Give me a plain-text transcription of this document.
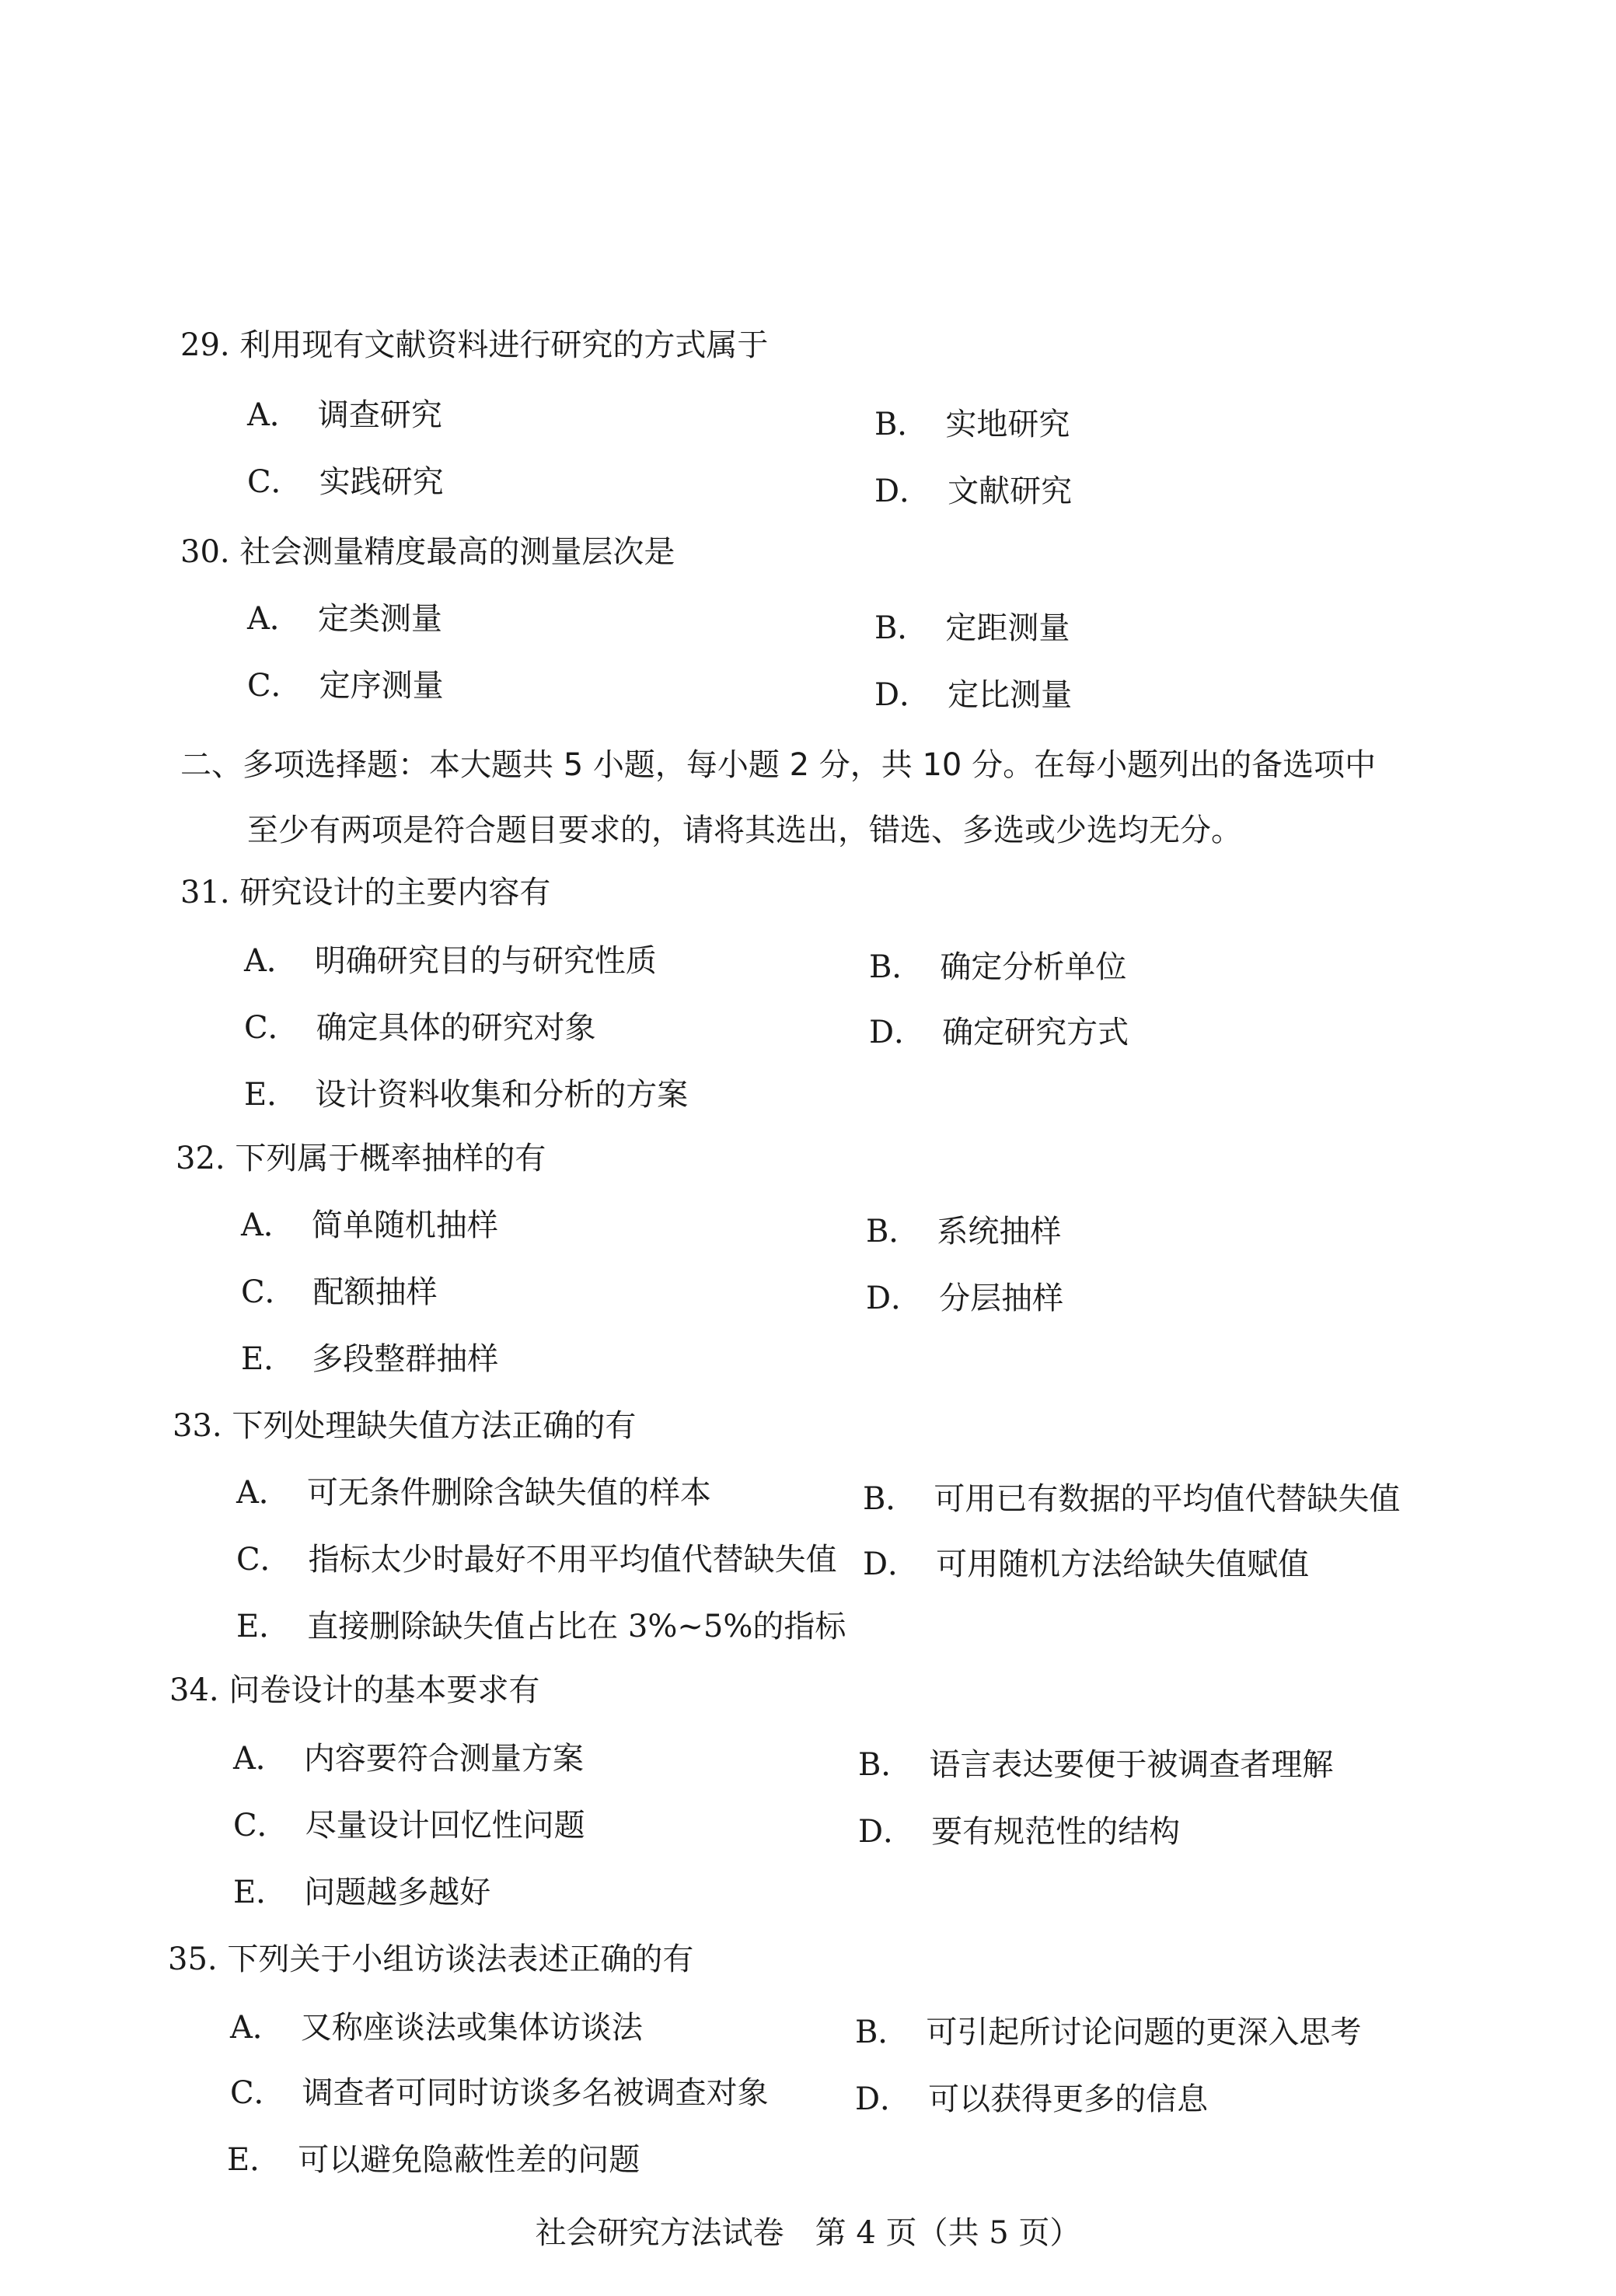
29. 利用现有文献资料进行研究的方式属于
A． 调查研究	B． 实地研究
C． 实践研究	D． 文献研究
30. 社会测量精度最高的测量层次是
A． 定类测量	B． 定距测量
C． 定序测量	D． 定比测量
二、多项选择题：本大题共 5 小题，每小题 2 分，共 10 分。在每小题列出的备选项中
至少有两项是符合题目要求的，请将其选出，错选、多选或少选均无分。
31. 研究设计的主要内容有
A． 明确研究目的与研究性质	B． 确定分析单位
C． 确定具体的研究对象	D． 确定研究方式
E． 设计资料收集和分析的方案
32. 下列属于概率抽样的有
A． 简单随机抽样	B． 系统抽样
C． 配额抽样	D． 分层抽样
E． 多段整群抽样
33. 下列处理缺失值方法正确的有
A． 可无条件删除含缺失值的样本	B． 可用已有数据的平均值代替缺失值
C． 指标太少时最好不用平均值代替缺失值 D． 可用随机方法给缺失值赋值
E． 直接删除缺失值占比在 3%~5%的指标
34. 问卷设计的基本要求有
A． 内容要符合测量方案	B． 语言表达要便于被调查者理解
C． 尽量设计回忆性问题	D． 要有规范性的结构
E． 问题越多越好
35. 下列关于小组访谈法表述正确的有
A． 又称座谈法或集体访谈法	B． 可引起所讨论问题的更深入思考
C． 调查者可同时访谈多名被调查对象	D． 可以获得更多的信息
E． 可以避免隐蔽性差的问题
社会研究方法试卷　第 4 页（共 5 页）
